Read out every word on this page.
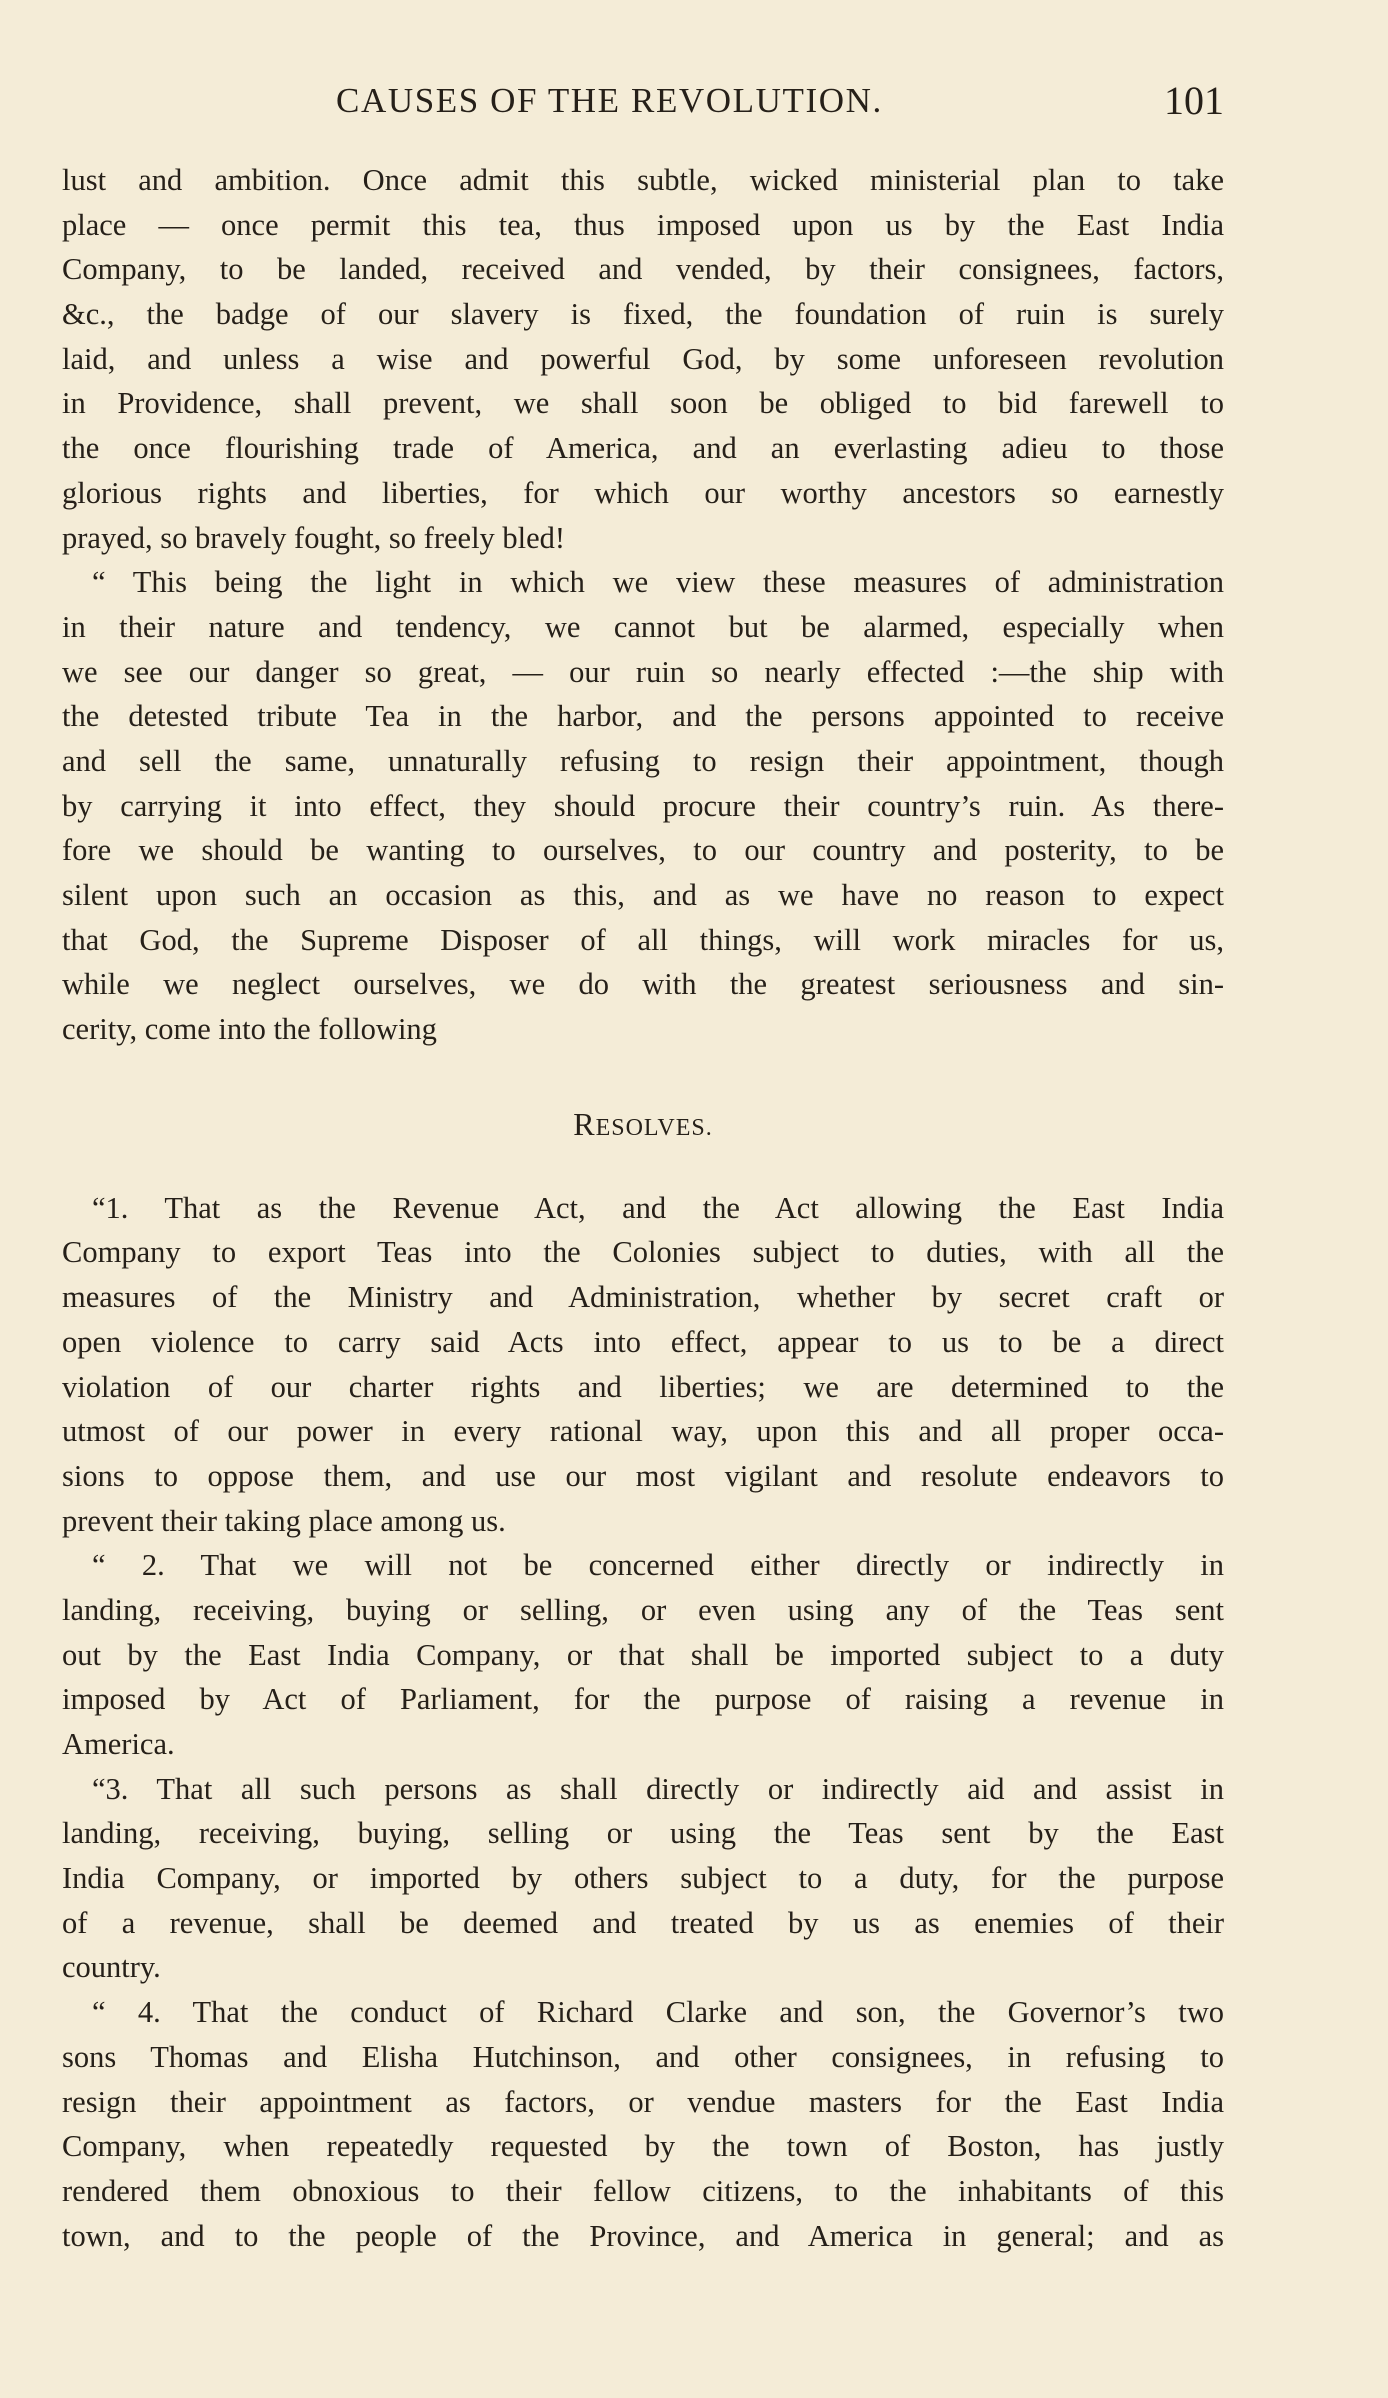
CAUSES OF THE REVOLUTION.	101
lust and ambition. Once admit this subtle, wicked ministerial plan to take
place — once permit this tea, thus imposed upon us by the East India
Company, to be landed, received and vended, by their consignees, factors,
&c., the badge of our slavery is fixed, the foundation of ruin is surely
laid, and unless a wise and powerful God, by some unforeseen revolution
in Providence, shall prevent, we shall soon be obliged to bid farewell to
the once flourishing trade of America, and an everlasting adieu to those
glorious rights and liberties, for which our worthy ancestors so earnestly
prayed, so bravely fought, so freely bled!
“ This being the light in which we view these measures of administration
in their nature and tendency, we cannot but be alarmed, especially when
we see our danger so great, — our ruin so nearly effected :—the ship with
the detested tribute Tea in the harbor, and the persons appointed to receive
and sell the same, unnaturally refusing to resign their appointment, though
by carrying it into effect, they should procure their country’s ruin. As there-
fore we should be wanting to ourselves, to our country and posterity, to be
silent upon such an occasion as this, and as we have no reason to expect
that God, the Supreme Disposer of all things, will work miracles for us,
while we neglect ourselves, we do with the greatest seriousness and sin-
cerity, come into the following
RESOLVES.
“1. That as the Revenue Act, and the Act allowing the East India
Company to export Teas into the Colonies subject to duties, with all the
measures of the Ministry and Administration, whether by secret craft or
open violence to carry said Acts into effect, appear to us to be a direct
violation of our charter rights and liberties; we are determined to the
utmost of our power in every rational way, upon this and all proper occa-
sions to oppose them, and use our most vigilant and resolute endeavors to
prevent their taking place among us.
“ 2. That we will not be concerned either directly or indirectly in
landing, receiving, buying or selling, or even using any of the Teas sent
out by the East India Company, or that shall be imported subject to a duty
imposed by Act of Parliament, for the purpose of raising a revenue in
America.
“3. That all such persons as shall directly or indirectly aid and assist in
landing, receiving, buying, selling or using the Teas sent by the East
India Company, or imported by others subject to a duty, for the purpose
of a revenue, shall be deemed and treated by us as enemies of their
country.
“ 4. That the conduct of Richard Clarke and son, the Governor’s two
sons Thomas and Elisha Hutchinson, and other consignees, in refusing to
resign their appointment as factors, or vendue masters for the East India
Company, when repeatedly requested by the town of Boston, has justly
rendered them obnoxious to their fellow citizens, to the inhabitants of this
town, and to the people of the Province, and America in general; and as
